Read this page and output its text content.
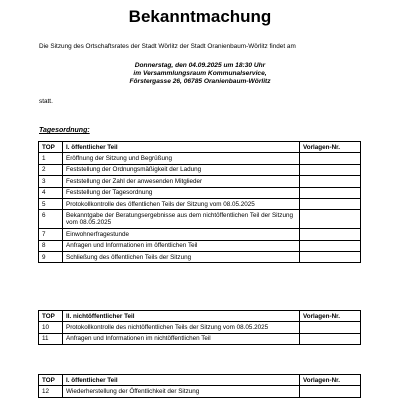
Bekanntmachung
Die Sitzung des Ortschaftsrates der Stadt Wörlitz der Stadt Oranienbaum-Wörlitz findet am
Donnerstag, den 04.09.2025 um 18:30 Uhr
im Versammlungsraum Kommunalservice,
Förstergasse 26, 06785 Oranienbaum-Wörlitz
statt.
Tagesordnung:
TOP	I. öffentlicher Teil	Vorlagen-Nr.
1	Eröffnung der Sitzung und Begrüßung	
2	Feststellung der Ordnungsmäßigkeit der Ladung	
3	Feststellung der Zahl der anwesenden Mitglieder	
4	Feststellung der Tagesordnung	
5	Protokollkontrolle des öffentlichen Teils der Sitzung vom 08.05.2025	
6	Bekanntgabe der Beratungsergebnisse aus dem nichtöffentlichen Teil der Sitzung vom 08.05.2025	
7	Einwohnerfragestunde	
8	Anfragen und Informationen im öffentlichen Teil	
9	Schließung des öffentlichen Teils der Sitzung	
TOP	II. nichtöffentlicher Teil	Vorlagen-Nr.
10	Protokollkontrolle des nichtöffentlichen Teils der Sitzung vom 08.05.2025	
11	Anfragen und Informationen im nichtöffentlichen Teil	
TOP	I. öffentlicher Teil	Vorlagen-Nr.
12	Wiederherstellung der Öffentlichkeit der Sitzung	
